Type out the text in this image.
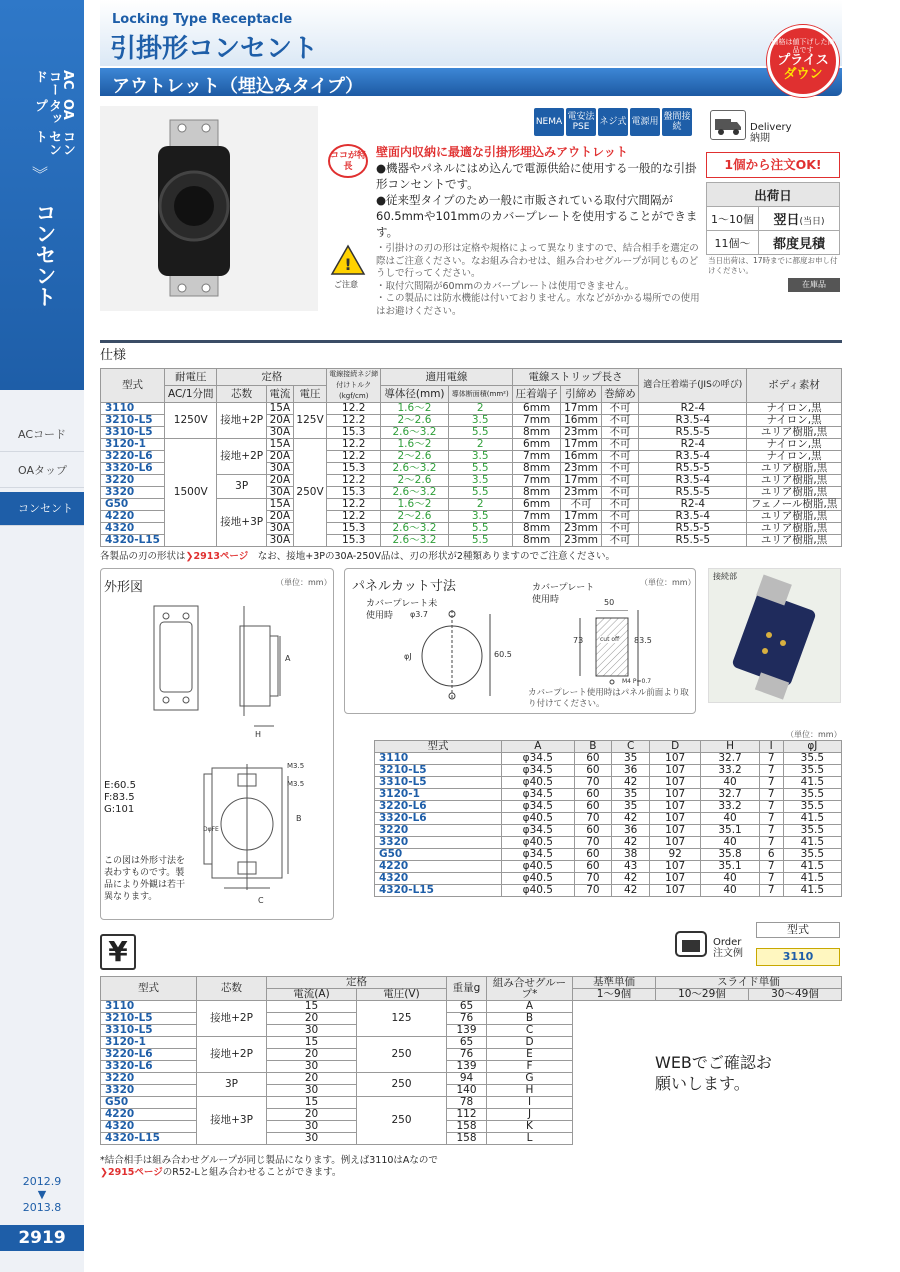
ACコード
OAタップ
コンセント
︾
コンセント
ACコード
OAタップ
コンセント
2012.9
▼
2013.8
2919
Locking Type Receptacle
引掛形コンセント
アウトレット（埋込みタイプ）
価格は値下げした商品です
プライス
ダウン
NEMA 電安法PSE	ネジ式 電源用 盤間接続
ココが特長
壁面内収納に最適な引掛形埋込みアウトレット
●機器やパネルにはめ込んで電源供給に使用する一般的な引掛形コンセントです。
●従来型タイプのため一般に市販されている取付穴間隔が60.5mmや101mmのカバープレートを使用することができます。
!
ご注意
・引掛けの刃の形は定格や規格によって異なりますので、結合相手を選定の際はご注意ください。なお組み合わせは、組み合わせグループが同じものどうしで行ってください。
・取付穴間隔が60mmのカバープレートは使用できません。
・この製品には防水機能は付いておりません。水などがかかる場所での使用はお避けください。
Delivery 納期
1個から注文OK!
出荷日	
1〜10個	翌日(当日)
11個〜	都度見積
当日出荷は、17時までに都度お申し付けください。
在庫品
仕様
型式	耐電圧	定格			電線接続ネジ締付けトルク(kgf/cm)	適用電線		電線ストリップ長さ			適合圧着端子(JISの呼び)	ボディ素材
	AC/1分間	芯数	電流	電圧		導体径(mm)	導体断面積(mm²)	圧着端子	引締め	巻締め		
3110	1250V	接地+2P	15A	125V	12.2	1.6〜2	2	6mm	17mm	不可	R2-4	ナイロン,黒
3210-L5			20A		12.2	2〜2.6	3.5	7mm	16mm	不可	R3.5-4	ナイロン,黒
3310-L5			30A		15.3	2.6〜3.2	5.5	8mm	23mm	不可	R5.5-5	ユリア樹脂,黒
3120-1	1500V	接地+2P	15A	250V	12.2	1.6〜2	2	6mm	17mm	不可	R2-4	ナイロン,黒
3220-L6			20A		12.2	2〜2.6	3.5	7mm	16mm	不可	R3.5-4	ナイロン,黒
3320-L6			30A		15.3	2.6〜3.2	5.5	8mm	23mm	不可	R5.5-5	ユリア樹脂,黒
3220		3P	20A		12.2	2〜2.6	3.5	7mm	17mm	不可	R3.5-4	ユリア樹脂,黒
3320			30A		15.3	2.6〜3.2	5.5	8mm	23mm	不可	R5.5-5	ユリア樹脂,黒
G50		接地+3P	15A		12.2	1.6〜2	2	6mm	不可	不可	R2-4	フェノール樹脂,黒
4220			20A		12.2	2〜2.6	3.5	7mm	17mm	不可	R3.5-4	ユリア樹脂,黒
4320			30A		15.3	2.6〜3.2	5.5	8mm	23mm	不可	R5.5-5	ユリア樹脂,黒
4320-L15			30A		15.3	2.6〜3.2	5.5	8mm	23mm	不可	R5.5-5	ユリア樹脂,黒
各製品の刃の形状は❯2913ページ　 なお、接地+3Pの30A-250V品は、刃の形状が2種類ありますのでご注意ください。
外形図	（単位：mm）
A
H
M3.5
M3.5
B
DφFE
C
E:60.5
F:83.5
G:101
この図は外形寸法を表わすものです。製品により外観は若干異なります。
パネルカット寸法	（単位：mm）
カバープレート未使用時
カバープレート使用時
φ3.7
φJ	60.5
50
73	83.5
cut off
M4 P=0.7
カバープレート使用時はパネル前面より取り付けてください。
接続部
（単位：mm）
型式	A	B	C	D	H	I	φJ
3110	φ34.5	60	35	107	32.7	7	35.5
3210-L5	φ34.5	60	36	107	33.2	7	35.5
3310-L5	φ40.5	70	42	107	40	7	41.5
3120-1	φ34.5	60	35	107	32.7	7	35.5
3220-L6	φ34.5	60	35	107	33.2	7	35.5
3320-L6	φ40.5	70	42	107	40	7	41.5
3220	φ34.5	60	36	107	35.1	7	35.5
3320	φ40.5	70	42	107	40	7	41.5
G50	φ34.5	60	38	92	35.8	6	35.5
4220	φ40.5	60	43	107	35.1	7	41.5
4320	φ40.5	70	42	107	40	7	41.5
4320-L15	φ40.5	70	42	107	40	7	41.5
Order 注文例
型式
3110
¥
型式	芯数	定格		重量g	組み合せグループ*	基準単価	スライド単価	
		電流(A)	電圧(V)			1〜9個	10〜29個	30〜49個
3110	接地+2P	15	125	65	A			
3210-L5		20		76	B			
3310-L5		30		139	C			
3120-1	接地+2P	15	250	65	D			
3220-L6		20		76	E			
3320-L6		30		139	F			
3220	3P	20	250	94	G			
3320		30		140	H			
G50	接地+3P	15	250	78	I			
4220		20		112	J			
4320		30		158	K			
4320-L15		30		158	L			
WEBでご確認お願いします。
*結合相手は組み合わせグループが同じ製品になります。例えば3110はAなので
❯2915ページのR52-Lと組み合わせることができます。
